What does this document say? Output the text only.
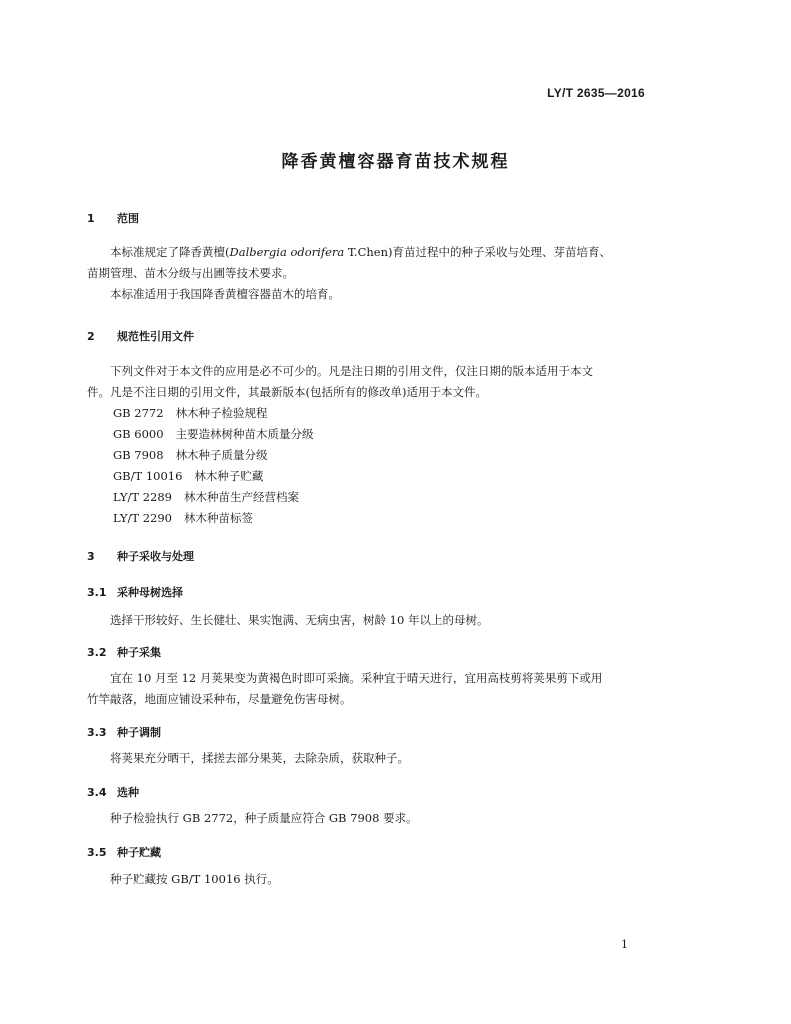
LY/T 2635—2016
降香黄檀容器育苗技术规程
1 范围
本标准规定了降香黄檀(Dalbergia odorifera T.Chen)育苗过程中的种子采收与处理、芽苗培育、
苗期管理、苗木分级与出圃等技术要求。
本标准适用于我国降香黄檀容器苗木的培育。
2 规范性引用文件
下列文件对于本文件的应用是必不可少的。凡是注日期的引用文件，仅注日期的版本适用于本文
件。凡是不注日期的引用文件，其最新版本(包括所有的修改单)适用于本文件。
GB 2772 林木种子检验规程
GB 6000 主要造林树种苗木质量分级
GB 7908 林木种子质量分级
GB/T 10016 林木种子贮藏
LY/T 2289 林木种苗生产经营档案
LY/T 2290 林木种苗标签
3 种子采收与处理
3.1 采种母树选择
选择干形较好、生长健壮、果实饱满、无病虫害，树龄 10 年以上的母树。
3.2 种子采集
宜在 10 月至 12 月荚果变为黄褐色时即可采摘。采种宜于晴天进行，宜用高枝剪将荚果剪下或用
竹竿敲落，地面应铺设采种布，尽量避免伤害母树。
3.3 种子调制
将荚果充分晒干，揉搓去部分果荚，去除杂质，获取种子。
3.4 选种
种子检验执行 GB 2772，种子质量应符合 GB 7908 要求。
3.5 种子贮藏
种子贮藏按 GB/T 10016 执行。
1
